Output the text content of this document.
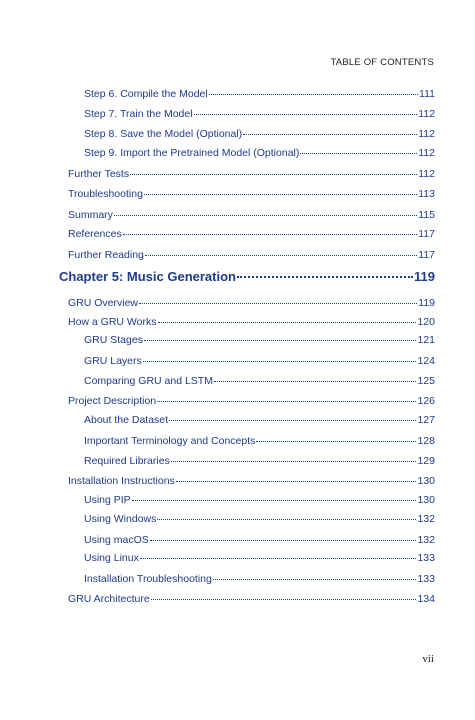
TABLE OF CONTENTS
Step 6. Compile the Model	111
Step 7. Train the Model	112
Step 8. Save the Model (Optional)	112
Step 9. Import the Pretrained Model (Optional)	112
Further Tests	112
Troubleshooting	113
Summary	115
References	117
Further Reading	117
Chapter 5: Music Generation	119
GRU Overview	119
How a GRU Works	120
GRU Stages	121
GRU Layers	124
Comparing GRU and LSTM	125
Project Description	126
About the Dataset	127
Important Terminology and Concepts	128
Required Libraries	129
Installation Instructions	130
Using PIP	130
Using Windows	132
Using macOS	132
Using Linux	133
Installation Troubleshooting	133
GRU Architecture	134
vii
